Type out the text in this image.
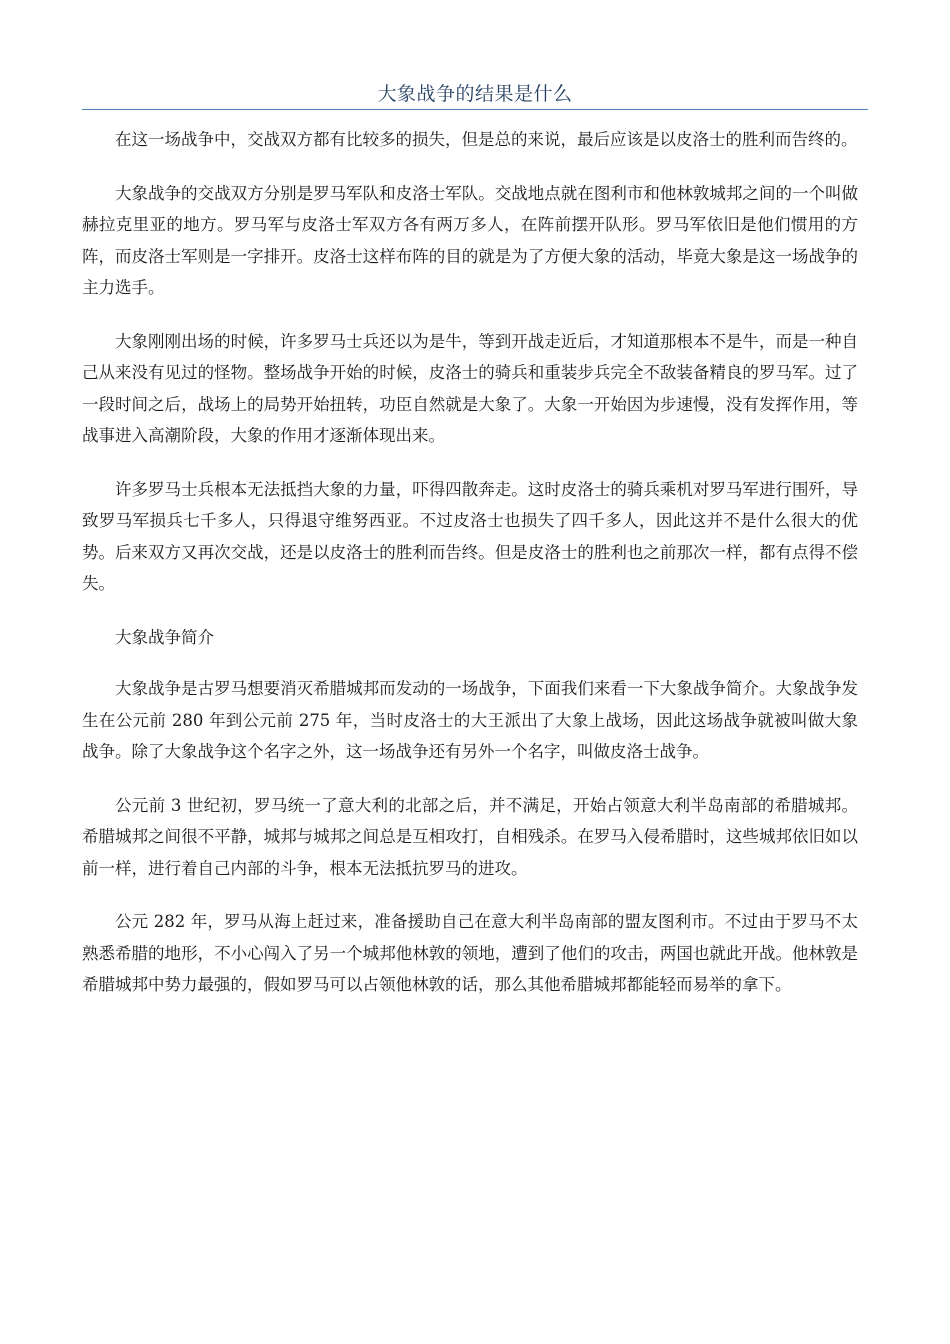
大象战争的结果是什么

在这一场战争中，交战双方都有比较多的损失，但是总的来说，最后应该是以皮洛士的胜利而告终的。

大象战争的交战双方分别是罗马军队和皮洛士军队。交战地点就在图利市和他林敦城邦之间的一个叫做赫拉克里亚的地方。罗马军与皮洛士军双方各有两万多人，在阵前摆开队形。罗马军依旧是他们惯用的方阵，而皮洛士军则是一字排开。皮洛士这样布阵的目的就是为了方便大象的活动，毕竟大象是这一场战争的主力选手。

大象刚刚出场的时候，许多罗马士兵还以为是牛，等到开战走近后，才知道那根本不是牛，而是一种自己从来没有见过的怪物。整场战争开始的时候，皮洛士的骑兵和重装步兵完全不敌装备精良的罗马军。过了一段时间之后，战场上的局势开始扭转，功臣自然就是大象了。大象一开始因为步速慢，没有发挥作用，等战事进入高潮阶段，大象的作用才逐渐体现出来。

许多罗马士兵根本无法抵挡大象的力量，吓得四散奔走。这时皮洛士的骑兵乘机对罗马军进行围歼，导致罗马军损兵七千多人，只得退守维努西亚。不过皮洛士也损失了四千多人，因此这并不是什么很大的优势。后来双方又再次交战，还是以皮洛士的胜利而告终。但是皮洛士的胜利也之前那次一样，都有点得不偿失。

大象战争简介

大象战争是古罗马想要消灭希腊城邦而发动的一场战争，下面我们来看一下大象战争简介。大象战争发生在公元前 280 年到公元前 275 年，当时皮洛士的大王派出了大象上战场，因此这场战争就被叫做大象战争。除了大象战争这个名字之外，这一场战争还有另外一个名字，叫做皮洛士战争。

公元前 3 世纪初，罗马统一了意大利的北部之后，并不满足，开始占领意大利半岛南部的希腊城邦。希腊城邦之间很不平静，城邦与城邦之间总是互相攻打，自相残杀。在罗马入侵希腊时，这些城邦依旧如以前一样，进行着自己内部的斗争，根本无法抵抗罗马的进攻。

公元 282 年，罗马从海上赶过来，准备援助自己在意大利半岛南部的盟友图利市。不过由于罗马不太熟悉希腊的地形，不小心闯入了另一个城邦他林敦的领地，遭到了他们的攻击，两国也就此开战。他林敦是希腊城邦中势力最强的，假如罗马可以占领他林敦的话，那么其他希腊城邦都能轻而易举的拿下。
